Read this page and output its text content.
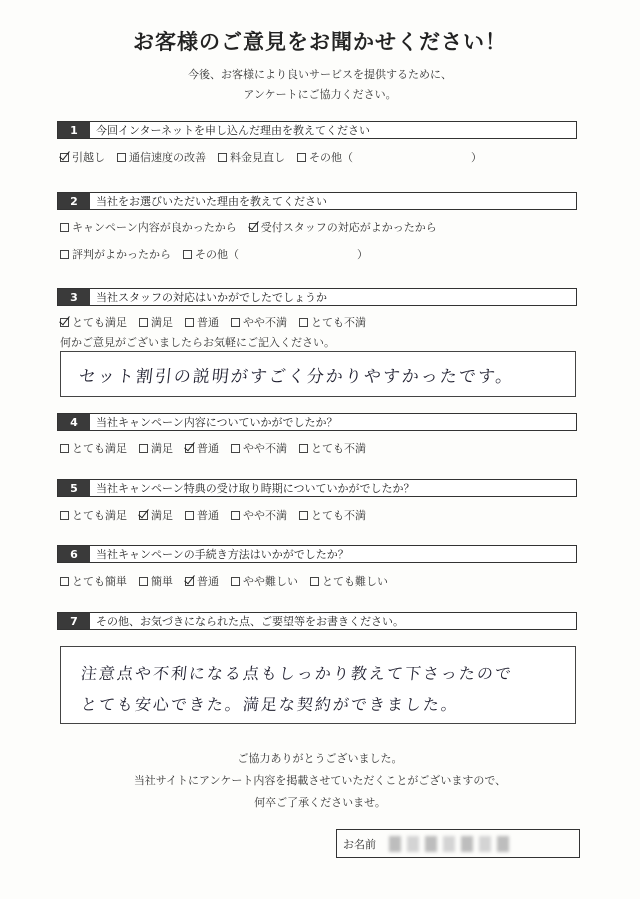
お客様のご意見をお聞かせください！
今後、お客様により良いサービスを提供するために、
アンケートにご協力ください。
1	今回インターネットを申し込んだ理由を教えてください
引越し 通信速度の改善 料金見直し その他（	）
2	当社をお選びいただいた理由を教えてください
キャンペーン内容が良かったから 受付スタッフの対応がよかったから
評判がよかったから その他（	）
3	当社スタッフの対応はいかがでしたでしょうか
とても満足 満足 普通 やや不満 とても不満
何かご意見がございましたらお気軽にご記入ください。
セット割引の説明がすごく分かりやすかったです。
4	当社キャンペーン内容についていかがでしたか？
とても満足 満足 普通 やや不満 とても不満
5	当社キャンペーン特典の受け取り時期についていかがでしたか？
とても満足 満足 普通 やや不満 とても不満
6	当社キャンペーンの手続き方法はいかがでしたか？
とても簡単 簡単 普通 やや難しい とても難しい
7	その他、お気づきになられた点、ご要望等をお書きください。
注意点や不利になる点もしっかり教えて下さったので
とても安心できた。満足な契約ができました。
ご協力ありがとうございました。
当社サイトにアンケート内容を掲載させていただくことがございますので、
何卒ご了承くださいませ。
お名前
